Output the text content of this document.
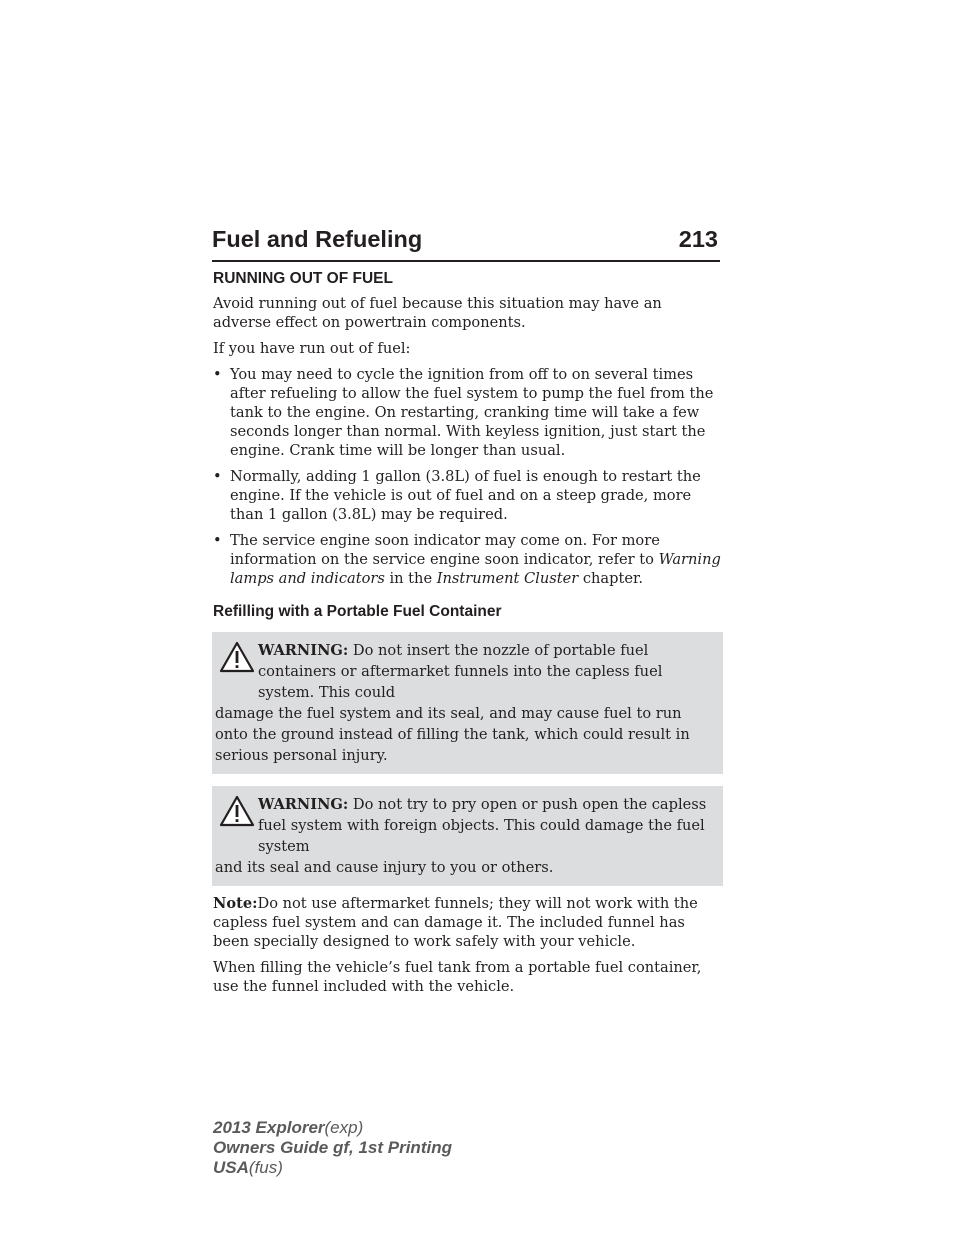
Fuel and Refueling	213
RUNNING OUT OF FUEL

Avoid running out of fuel because this situation may have an adverse effect on powertrain components.

If you have run out of fuel:

• You may need to cycle the ignition from off to on several times after refueling to allow the fuel system to pump the fuel from the tank to the engine. On restarting, cranking time will take a few seconds longer than normal. With keyless ignition, just start the engine. Crank time will be longer than usual.
• Normally, adding 1 gallon (3.8L) of fuel is enough to restart the engine. If the vehicle is out of fuel and on a steep grade, more than 1 gallon (3.8L) may be required.
• The service engine soon indicator may come on. For more information on the service engine soon indicator, refer to Warning lamps and indicators in the Instrument Cluster chapter.
Refilling with a Portable Fuel Container
WARNING: Do not insert the nozzle of portable fuel containers or aftermarket funnels into the capless fuel system. This could
damage the fuel system and its seal, and may cause fuel to run onto the ground instead of filling the tank, which could result in serious personal injury.
WARNING: Do not try to pry open or push open the capless fuel system with foreign objects. This could damage the fuel system
and its seal and cause injury to you or others.

Note:Do not use aftermarket funnels; they will not work with the capless fuel system and can damage it. The included funnel has been specially designed to work safely with your vehicle.

When filling the vehicle’s fuel tank from a portable fuel container, use the funnel included with the vehicle.

2013 Explorer(exp)
Owners Guide gf, 1st Printing
USA(fus)
